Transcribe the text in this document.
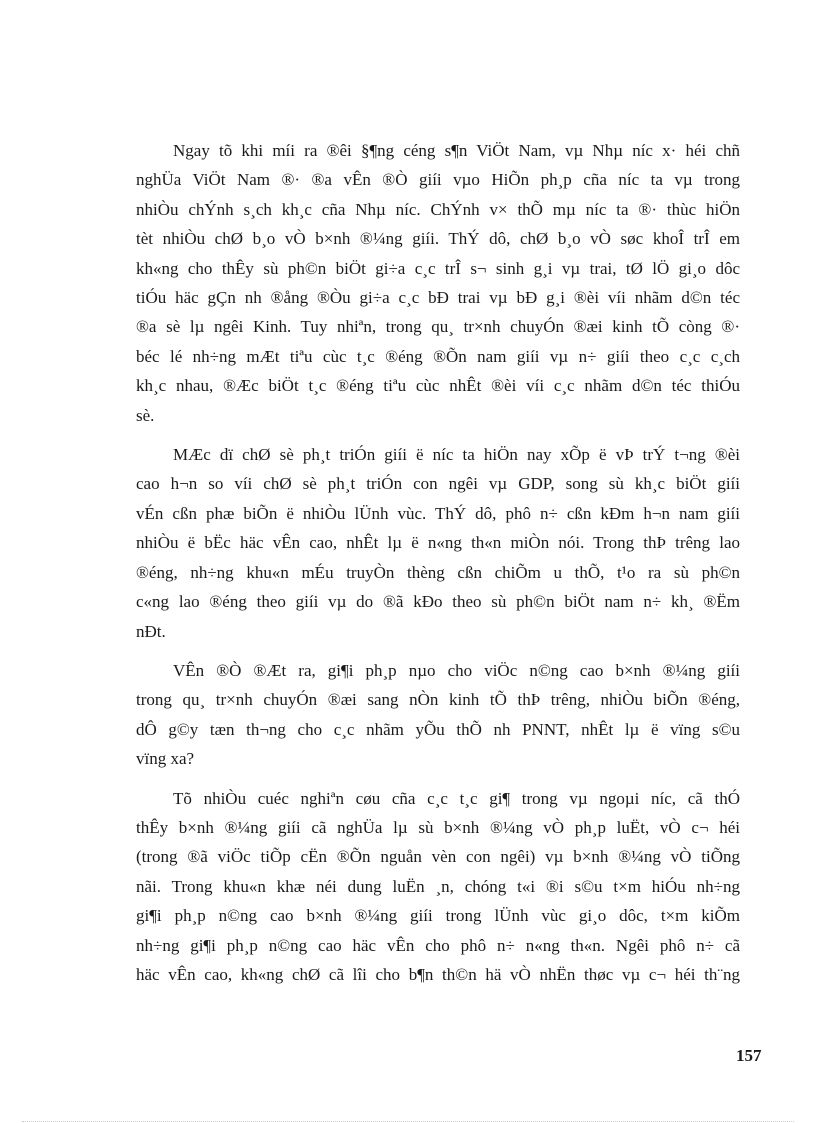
Ngay tõ khi míi ra ®êi §¶ng céng s¶n ViÖt Nam, vµ Nhµ níc x· héi chñ
nghÜa ViÖt Nam ®· ®a vÊn ®Ò giíi vµo HiÕn ph¸p cña níc ta vµ trong
nhiÒu chÝnh s¸ch kh¸c cña Nhµ níc. ChÝnh v× thÕ mµ níc ta ®· thùc hiÖn
tèt nhiÒu chØ b¸o vÒ b×nh ®¼ng giíi. ThÝ dô, chØ b¸o vÒ søc khoÎ trÎ em
kh«ng cho thÊy sù ph©n biÖt gi÷a c¸c trÎ s¬ sinh g¸i vµ trai, tØ lÖ gi¸o dôc
tiÓu häc gÇn nh ®ång ®Òu gi÷a c¸c bÐ trai vµ bÐ g¸i ®èi víi nhãm d©n téc
®a sè lµ ngêi Kinh. Tuy nhiªn, trong qu¸ tr×nh chuyÓn ®æi kinh tÕ còng ®·
béc lé nh÷ng mÆt tiªu cùc t¸c ®éng ®Õn nam giíi vµ n÷ giíi theo c¸c c¸ch
kh¸c nhau, ®Æc biÖt t¸c ®éng tiªu cùc nhÊt ®èi víi c¸c nhãm d©n téc thiÓu
sè.
MÆc dï chØ sè ph¸t triÓn giíi ë níc ta hiÖn nay xÕp ë vÞ trÝ t¬ng ®èi
cao h¬n so víi chØ sè ph¸t triÓn con ngêi vµ GDP, song sù kh¸c biÖt giíi
vÉn cßn phæ biÕn ë nhiÒu lÜnh vùc. ThÝ dô, phô n÷ cßn kÐm h¬n nam giíi
nhiÒu ë bËc häc vÊn cao, nhÊt lµ ë n«ng th«n miÒn nói. Trong thÞ trêng lao
®éng, nh÷ng khu«n mÉu truyÒn thèng cßn chiÕm u thÕ, t¹o ra sù ph©n
c«ng lao ®éng theo giíi vµ do ®ã kÐo theo sù ph©n biÖt nam n÷ kh¸ ®Ëm
nÐt.
VÊn ®Ò ®Æt ra, gi¶i ph¸p nµo cho viÖc n©ng cao b×nh ®¼ng giíi
trong qu¸ tr×nh chuyÓn ®æi sang nÒn kinh tÕ thÞ trêng, nhiÒu biÕn ®éng,
dÔ g©y tæn th¬ng cho c¸c nhãm yÕu thÕ nh PNNT, nhÊt lµ ë vïng s©u
vïng xa?
Tõ nhiÒu cuéc nghiªn cøu cña c¸c t¸c gi¶ trong vµ ngoµi níc, cã thÓ
thÊy b×nh ®¼ng giíi cã nghÜa lµ sù b×nh ®¼ng vÒ ph¸p luËt, vÒ c¬ héi
(trong ®ã viÖc tiÕp cËn ®Õn nguån vèn con ngêi) vµ b×nh ®¼ng vÒ tiÕng
nãi. Trong khu«n khæ néi dung luËn ¸n, chóng t«i ®i s©u t×m hiÓu nh÷ng
gi¶i ph¸p n©ng cao b×nh ®¼ng giíi trong lÜnh vùc gi¸o dôc, t×m kiÕm
nh÷ng gi¶i ph¸p n©ng cao häc vÊn cho phô n÷ n«ng th«n. Ngêi phô n÷ cã
häc vÊn cao, kh«ng chØ cã lîi cho b¶n th©n hä vÒ nhËn thøc vµ c¬ héi th¨ng
157
